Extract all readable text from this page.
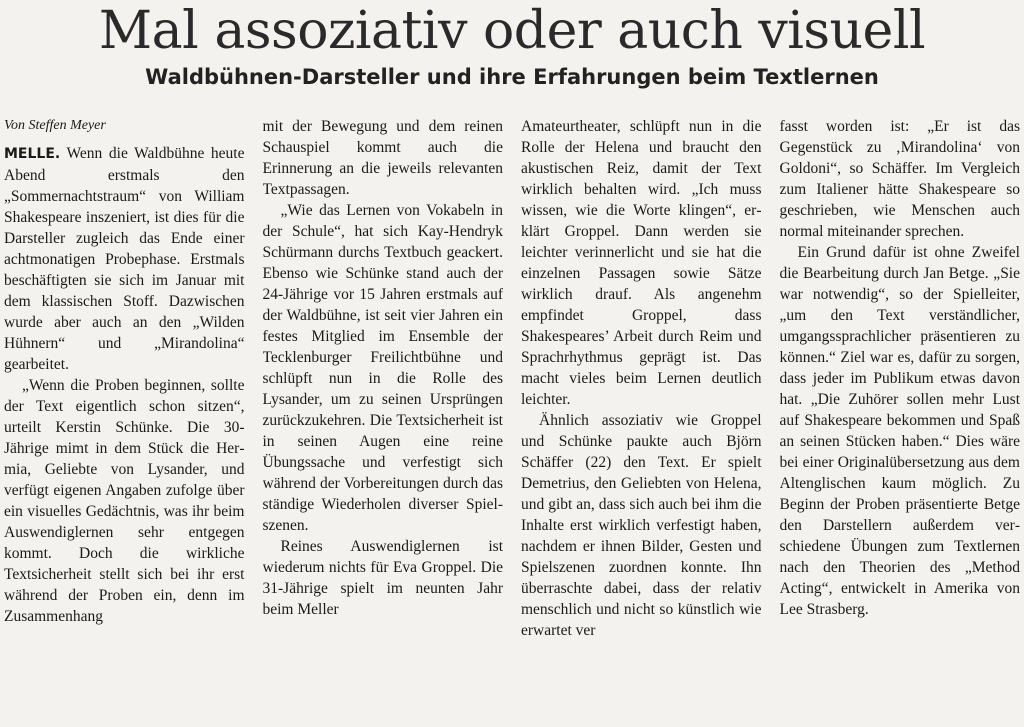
Mal assoziativ oder auch visuell
Waldbühnen-Darsteller und ihre Erfahrungen beim Textlernen
Von Steffen Meyer

MELLE. Wenn die Waldbühne heute Abend erstmals den „Sommernachtstraum“ von William Shakespeare inszeniert, ist dies für die Darsteller zugleich das Ende einer achtmonatigen Probephase. Erstmals beschäftigten sie sich im Januar mit dem klassischen Stoff. Dazwischen wurde aber auch an den „Wilden Hühnern“ und „Mirandolina“ gearbeitet.

„Wenn die Proben beginnen, sollte der Text eigentlich schon sitzen“, urteilt Kerstin Schünke. Die 30-Jährige mimt in dem Stück die Hermia, Geliebte von Lysander, und verfügt eigenen Angaben zufolge über ein visuelles Gedächtnis, was ihr beim Auswendiglernen sehr entgegen kommt. Doch die wirkliche Textsicherheit stellt sich bei ihr erst während der Proben ein, denn im Zusammenhang

mit der Bewegung und dem reinen Schauspiel kommt auch die Erinnerung an die jeweils relevanten Textpassagen.

„Wie das Lernen von Vokabeln in der Schule“, hat sich Kay-Hendryk Schürmann durchs Textbuch geackert. Ebenso wie Schünke stand auch der 24-Jährige vor 15 Jahren erstmals auf der Waldbühne, ist seit vier Jahren ein festes Mitglied im Ensemble der Tecklenburger Freilichtbühne und schlüpft nun in die Rolle des Lysander, um zu seinen Ursprüngen zurückzukehren. Die Textsicherheit ist in seinen Augen eine reine Übungssache und verfestigt sich während der Vorbereitungen durch das ständige Wiederholen diverser Spielszenen.

Reines Auswendiglernen ist wiederum nichts für Eva Groppel. Die 31-Jährige spielt im neunten Jahr beim Meller

Amateurtheater, schlüpft nun in die Rolle der Helena und braucht den akustischen Reiz, damit der Text wirklich behalten wird. „Ich muss wissen, wie die Worte klingen“, erklärt Groppel. Dann werden sie leichter verinnerlicht und sie hat die einzelnen Passagen sowie Sätze wirklich drauf. Als angenehm empfindet Groppel, dass Shakespeares’ Arbeit durch Reim und Sprachrhythmus geprägt ist. Das macht vieles beim Lernen deutlich leichter.

Ähnlich assoziativ wie Groppel und Schünke paukte auch Björn Schäffer (22) den Text. Er spielt Demetrius, den Geliebten von Helena, und gibt an, dass sich auch bei ihm die Inhalte erst wirklich verfestigt haben, nachdem er ihnen Bilder, Gesten und Spielszenen zuordnen konnte. Ihn überraschte dabei, dass der relativ menschlich und nicht so künstlich wie erwartet ver

fasst worden ist: „Er ist das Gegenstück zu ‚Mirandolina‘ von Goldoni“, so Schäffer. Im Vergleich zum Italiener hätte Shakespeare so geschrieben, wie Menschen auch normal miteinander sprechen.

Ein Grund dafür ist ohne Zweifel die Bearbeitung durch Jan Betge. „Sie war notwendig“, so der Spielleiter, „um den Text verständlicher, umgangssprachlicher präsentieren zu können.“ Ziel war es, dafür zu sorgen, dass jeder im Publikum etwas davon hat. „Die Zuhörer sollen mehr Lust auf Shakespeare bekommen und Spaß an seinen Stücken haben.“ Dies wäre bei einer Originalübersetzung aus dem Altenglischen kaum möglich. Zu Beginn der Proben präsentierte Betge den Darstellern außerdem verschiedene Übungen zum Textlernen nach den Theorien des „Method Acting“, entwickelt in Amerika von Lee Strasberg.
